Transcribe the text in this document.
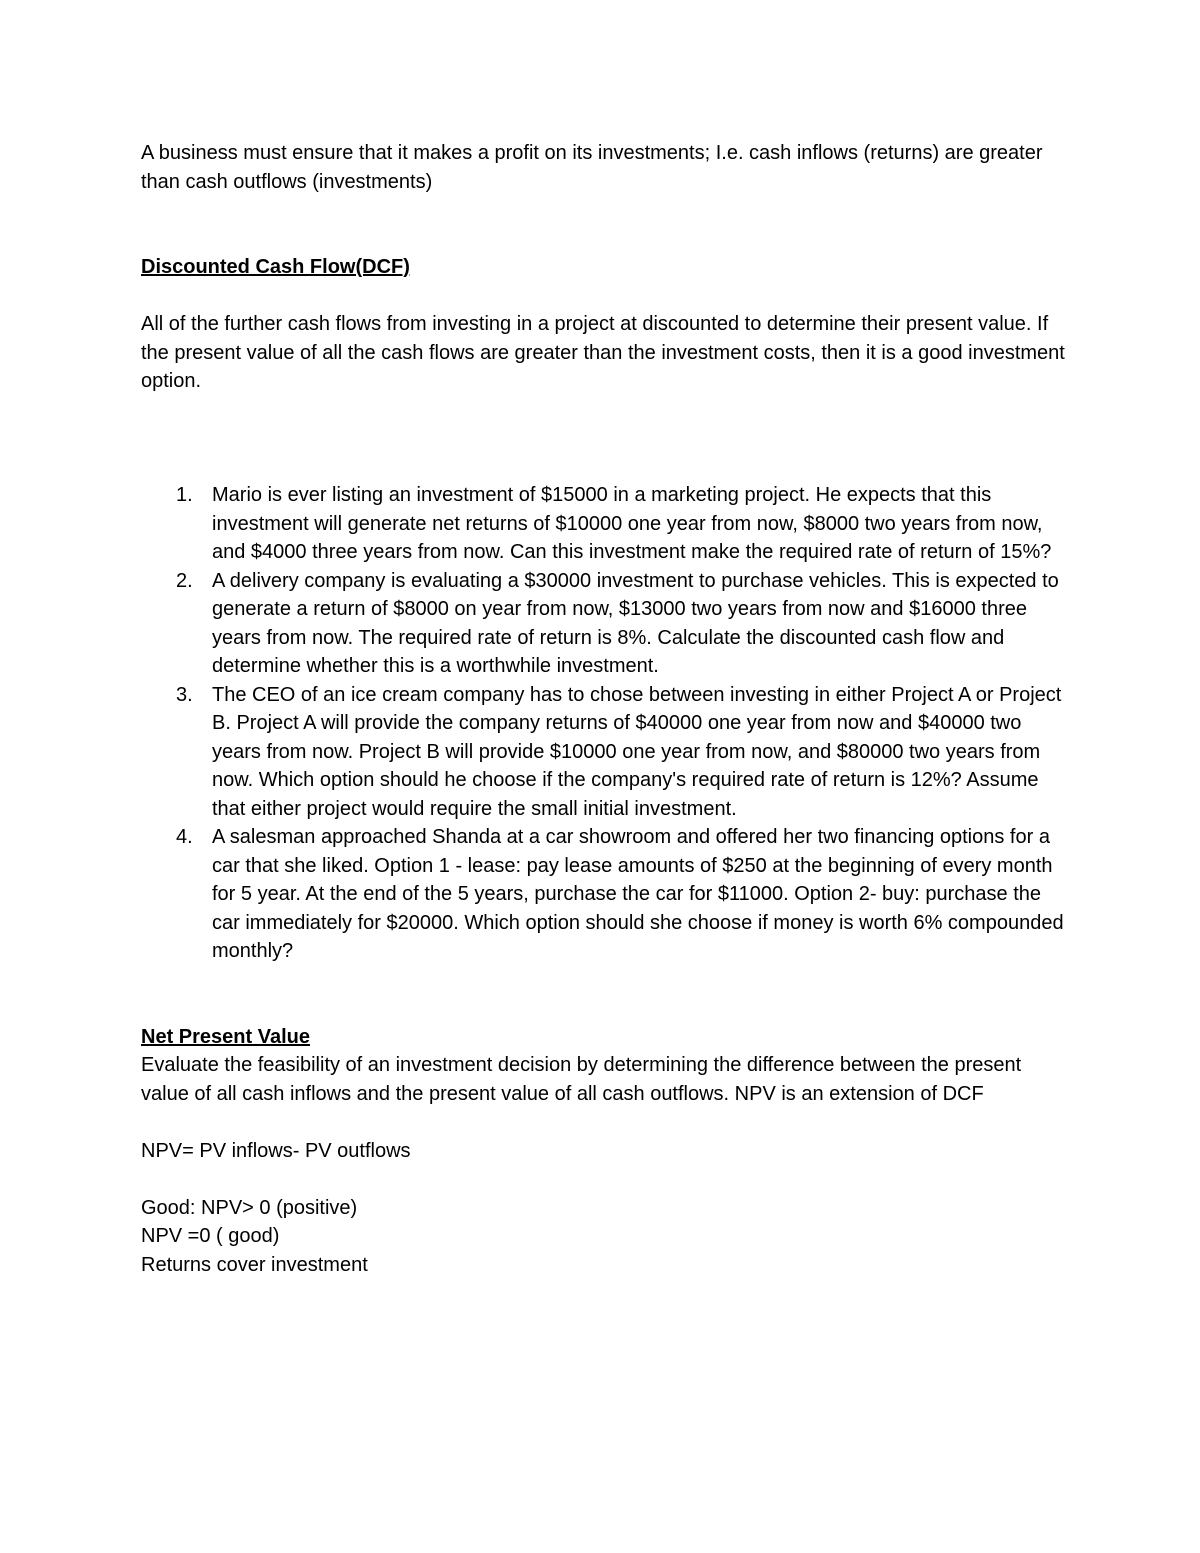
A business must ensure that it makes a profit on its investments; I.e. cash inflows (returns) are greater than cash outflows (investments)

Discounted Cash Flow(DCF)

All of the further cash flows from investing in a project at discounted to determine their present value. If the present value of all the cash flows are greater than the investment costs, then it is a good investment option.

1. Mario is ever listing an investment of $15000 in a marketing project. He expects that this investment will generate net returns of $10000 one year from now, $8000 two years from now, and $4000 three years from now. Can this investment make the required rate of return of 15%?
2. A delivery company is evaluating a $30000 investment to purchase vehicles. This is expected to generate a return of $8000 on year from now, $13000 two years from now and $16000 three years from now. The required rate of return is 8%. Calculate the discounted cash flow and determine whether this is a worthwhile investment.
3. The CEO of an ice cream company has to chose between investing in either Project A or Project B. Project A will provide the company returns of $40000 one year from now and $40000 two years from now. Project B will provide $10000 one year from now, and $80000 two years from now. Which option should he choose if the company's required rate of return is 12%? Assume that either project would require the small initial investment.
4. A salesman approached Shanda at a car showroom and offered her two financing options for a car that she liked. Option 1 - lease: pay lease amounts of $250 at the beginning of every month for 5 year. At the end of the 5 years, purchase the car for $11000. Option 2- buy: purchase the car immediately for $20000. Which option should she choose if money is worth 6% compounded monthly?

Net Present Value

Evaluate the feasibility of an investment decision by determining the difference between the present value of all cash inflows and the present value of all cash outflows. NPV is an extension of DCF

NPV= PV inflows- PV outflows

Good: NPV> 0 (positive)

NPV =0 ( good)

Returns cover investment
